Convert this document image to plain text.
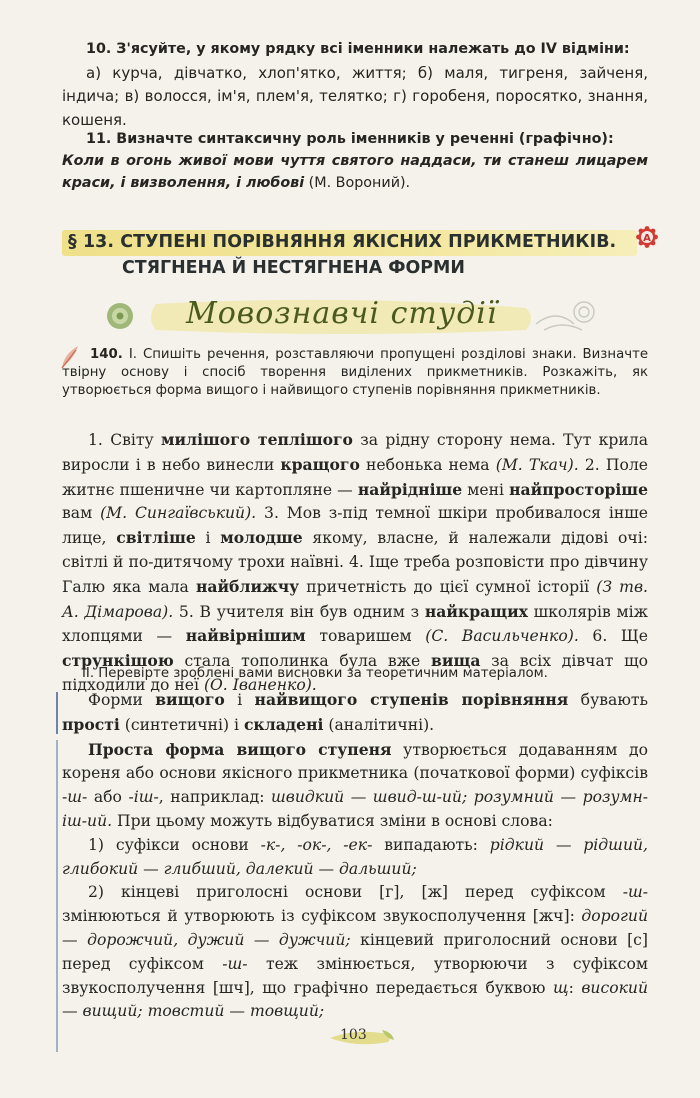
10. З'ясуйте, у якому рядку всі іменники належать до IV відміни:
а) курча, дівчатко, хлоп'ятко, життя; б) маля, тигреня, зайченя, індича; в) волосся, ім'я, плем'я, телятко; г) горобеня, поросятко, знання, кошеня.
11. Визначте синтаксичну роль іменників у реченні (графічно):
Коли в огонь живої мови чуття святого наддаси, ти станеш лицарем краси, і визволення, і любові (М. Вороний).
§ 13. СТУПЕНІ ПОРІВНЯННЯ ЯКІСНИХ ПРИКМЕТНИКІВ.
СТЯГНЕНА Й НЕСТЯГНЕНА ФОРМИ
А
Мовознавчі студії
140. I. Спишіть речення, розставляючи пропущені розділові знаки. Визначте твірну основу і спосіб творення виділених прикметників. Розкажіть, як утворюється форма вищого і найвищого ступенів порівняння прикметників.
1. Світу милішого теплішого за рідну сторону нема. Тут крила виросли і в небо винесли кращого небонька нема (М. Ткач). 2. Поле житнє пшеничне чи картопляне — найрідніше мені найпросторіше вам (М. Сингаївський). 3. Мов з-під темної шкіри пробивалося інше лице, світліше і молодше якому, власне, й належали дідові очі: світлі й по-дитячому трохи наївні. 4. Іще треба розповісти про дівчину Галю яка мала найближчу причетність до цієї сумної історії (З тв. А. Дімарова). 5. В учителя він був одним з найкращих школярів між хлопцями — найвірнішим товаришем (С. Васильченко). 6. Ще стрункішою стала тополинка була вже вища за всіх дівчат що підходили до неї (О. Іваненко).
II. Перевірте зроблені вами висновки за теоретичним матеріалом.

Форми вищого і найвищого ступенів порівняння бувають прості (синтетичні) і складені (аналітичні).

Проста форма вищого ступеня утворюється додаванням до кореня або основи якісного прикметника (початкової форми) суфіксів -ш- або -іш-, наприклад: швидкий — швид-ш-ий; розумний — розумн-іш-ий. При цьому можуть відбуватися зміни в основі слова:

1) суфікси основи -к-, -ок-, -ек- випадають: рідкий — рідший, глибокий — глибший, далекий — дальший;

2) кінцеві приголосні основи [г], [ж] перед суфіксом -ш- змінюються й утворюють із суфіксом звукосполучення [жч]: дорогий — дорожчий, дужий — дужчий; кінцевий приголосний основи [с] перед суфіксом -ш- теж змінюється, утворюючи з суфіксом звукосполучення [шч], що графічно передається буквою щ: високий — вищий; товстий — товщий;

103
